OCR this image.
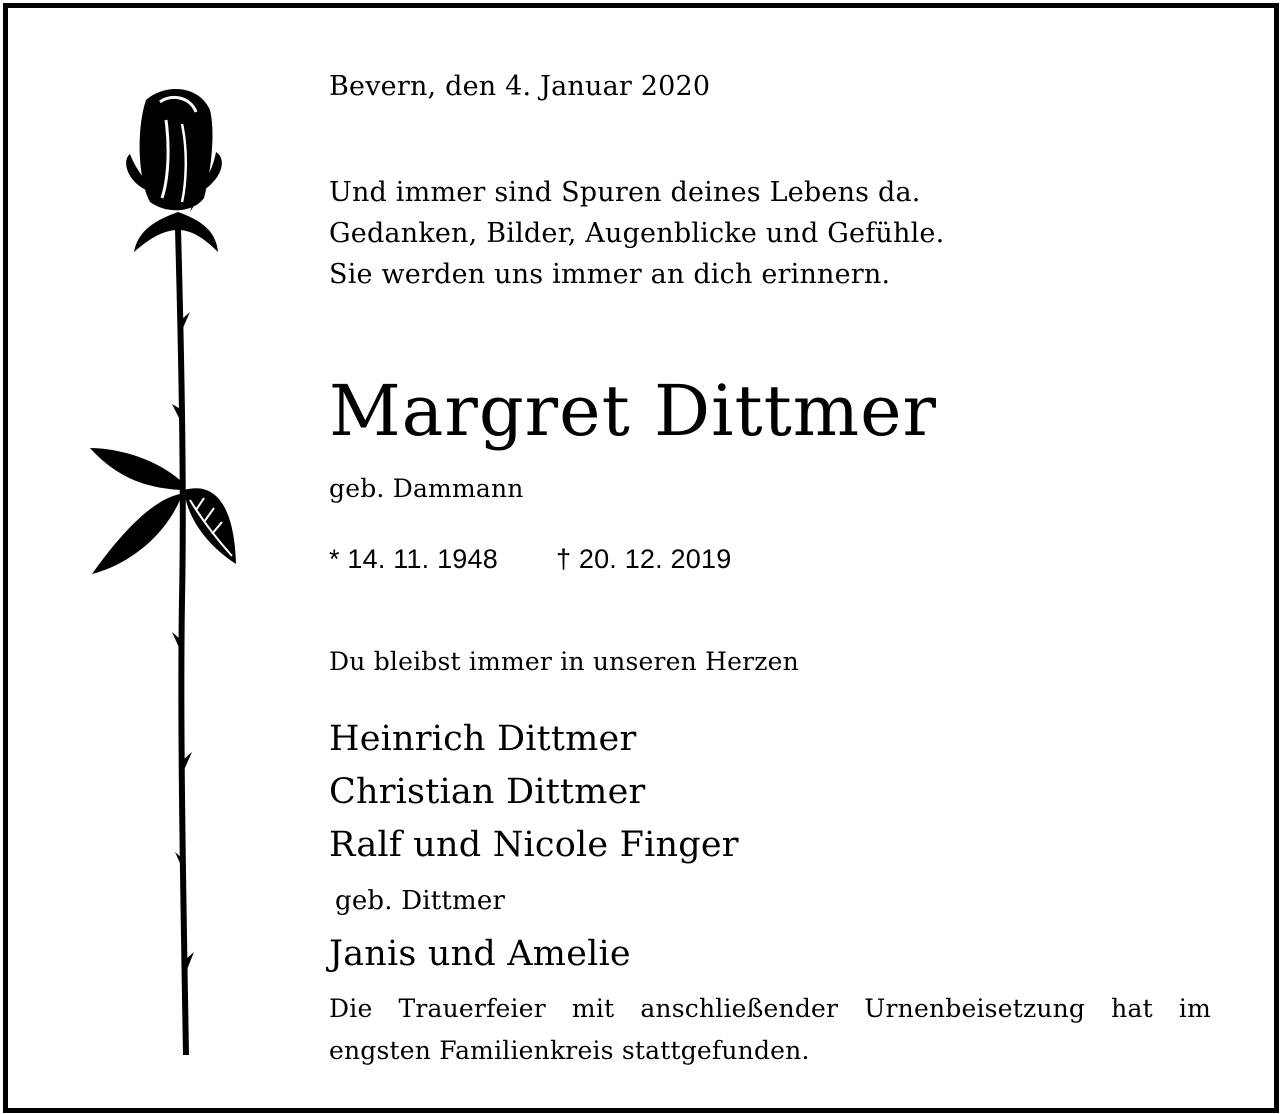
Bevern, den 4. Januar 2020

Und immer sind Spuren deines Lebens da.
Gedanken, Bilder, Augenblicke und Gefühle.
Sie werden uns immer an dich erinnern.

Margret Dittmer

geb. Dammann

* 14. 11. 1948 † 20. 12. 2019

Du bleibst immer in unseren Herzen

Heinrich Dittmer
Christian Dittmer
Ralf und Nicole Finger
geb. Dittmer
Janis und Amelie

Die Trauerfeier mit anschließender Urnenbeisetzung hat im engsten Familienkreis stattgefunden.
